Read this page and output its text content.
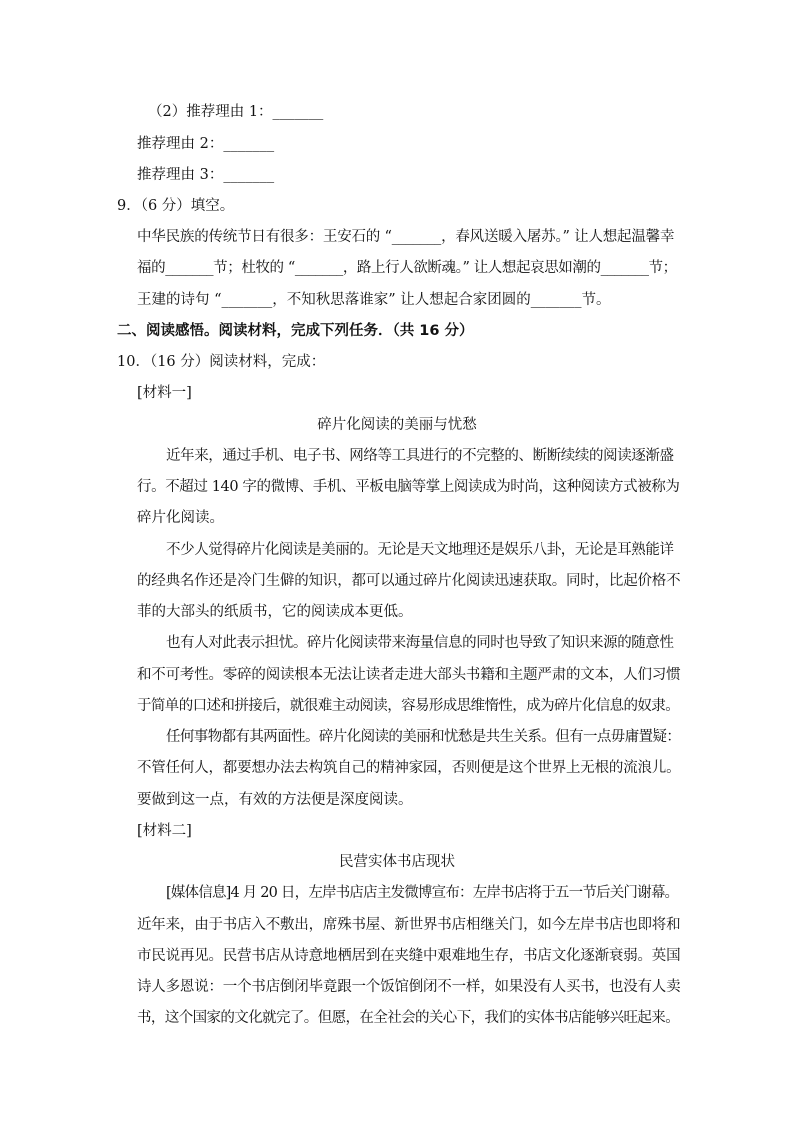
（2）推荐理由 1：_______
推荐理由 2：_______
推荐理由 3：_______
9．（6 分）填空。
中华民族的传统节日有很多：王安石的 “_______，春风送暖入屠苏。” 让人想起温馨幸
福的_______节；杜牧的 “_______，路上行人欲断魂。” 让人想起哀思如潮的_______节；
王建的诗句 “_______，不知秋思落谁家” 让人想起合家团圆的_______节。
二、阅读感悟。阅读材料，完成下列任务．（共 16 分）
10．（16 分）阅读材料，完成：
[材料一]
碎片化阅读的美丽与忧愁
近年来，通过手机、电子书、网络等工具进行的不完整的、断断续续的阅读逐渐盛
行。不超过 140 字的微博、手机、平板电脑等掌上阅读成为时尚，这种阅读方式被称为
碎片化阅读。
不少人觉得碎片化阅读是美丽的。无论是天文地理还是娱乐八卦，无论是耳熟能详
的经典名作还是冷门生僻的知识，都可以通过碎片化阅读迅速获取。同时，比起价格不
菲的大部头的纸质书，它的阅读成本更低。
也有人对此表示担忧。碎片化阅读带来海量信息的同时也导致了知识来源的随意性
和不可考性。零碎的阅读根本无法让读者走进大部头书籍和主题严肃的文本，人们习惯
于简单的口述和拼接后，就很难主动阅读，容易形成思维惰性，成为碎片化信息的奴隶。
任何事物都有其两面性。碎片化阅读的美丽和忧愁是共生关系。但有一点毋庸置疑：
不管任何人，都要想办法去构筑自己的精神家园，否则便是这个世界上无根的流浪儿。
要做到这一点，有效的方法便是深度阅读。
[材料二]
民营实体书店现状
[媒体信息]4 月 20 日，左岸书店店主发微博宣布：左岸书店将于五一节后关门谢幕。
近年来，由于书店入不敷出，席殊书屋、新世界书店相继关门，如今左岸书店也即将和
市民说再见。民营书店从诗意地栖居到在夹缝中艰难地生存，书店文化逐渐衰弱。英国
诗人多恩说：一个书店倒闭毕竟跟一个饭馆倒闭不一样，如果没有人买书，也没有人卖
书，这个国家的文化就完了。但愿，在全社会的关心下，我们的实体书店能够兴旺起来。
